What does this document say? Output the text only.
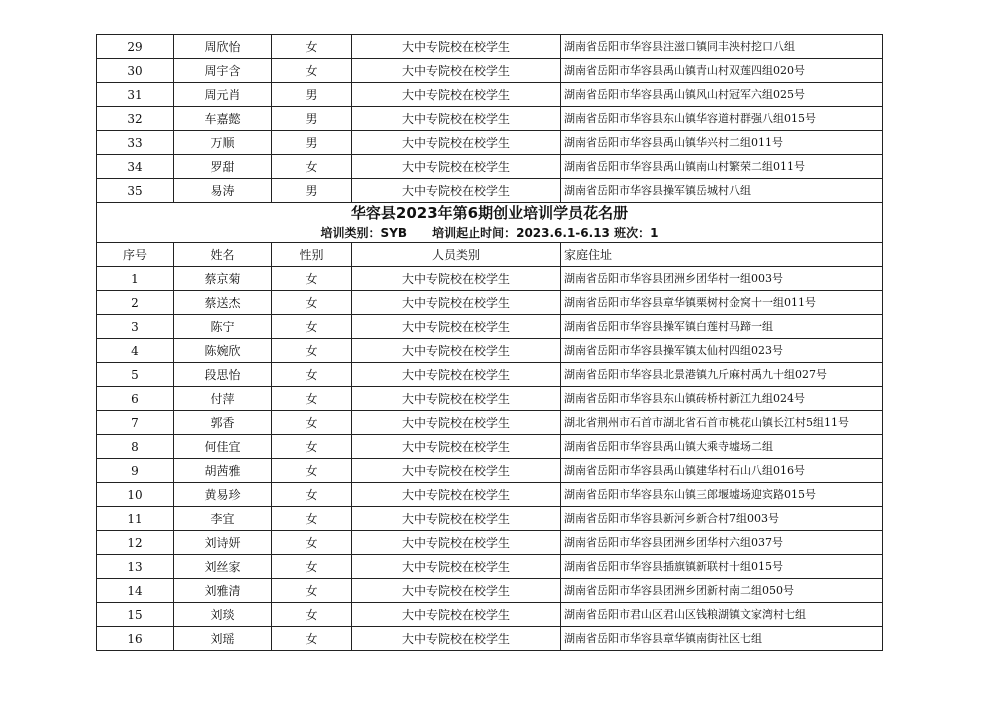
29	周欣怡	女	大中专院校在校学生	湖南省岳阳市华容县注滋口镇同丰泱村挖口八组
30	周宇含	女	大中专院校在校学生	湖南省岳阳市华容县禹山镇青山村双莲四组020号
31	周元肖	男	大中专院校在校学生	湖南省岳阳市华容县禹山镇风山村冠军六组025号
32	车嘉懿	男	大中专院校在校学生	湖南省岳阳市华容县东山镇华容道村群强八组015号
33	万顺	男	大中专院校在校学生	湖南省岳阳市华容县禹山镇华兴村二组011号
34	罗甜	女	大中专院校在校学生	湖南省岳阳市华容县禹山镇南山村繁荣二组011号
35	易涛	男	大中专院校在校学生	湖南省岳阳市华容县操军镇岳城村八组
华容县2023年第6期创业培训学员花名册				
培训类别：SYB      培训起止时间：2023.6.1-6.13 班次：1				
序号	姓名	性别	人员类别	家庭住址
1	蔡京菊	女	大中专院校在校学生	湖南省岳阳市华容县团洲乡团华村一组003号
2	蔡送杰	女	大中专院校在校学生	湖南省岳阳市华容县章华镇栗树村金窝十一组011号
3	陈宁	女	大中专院校在校学生	湖南省岳阳市华容县操军镇白莲村马蹄一组
4	陈婉欣	女	大中专院校在校学生	湖南省岳阳市华容县操军镇太仙村四组023号
5	段思怡	女	大中专院校在校学生	湖南省岳阳市华容县北景港镇九斤麻村禹九十组027号
6	付萍	女	大中专院校在校学生	湖南省岳阳市华容县东山镇砖桥村新江九组024号
7	郭香	女	大中专院校在校学生	湖北省荆州市石首市湖北省石首市桃花山镇长江村5组11号
8	何佳宜	女	大中专院校在校学生	湖南省岳阳市华容县禹山镇大乘寺墟场二组
9	胡茜雅	女	大中专院校在校学生	湖南省岳阳市华容县禹山镇建华村石山八组016号
10	黄易珍	女	大中专院校在校学生	湖南省岳阳市华容县东山镇三郎堰墟场迎宾路015号
11	李宜	女	大中专院校在校学生	湖南省岳阳市华容县新河乡新合村7组003号
12	刘诗妍	女	大中专院校在校学生	湖南省岳阳市华容县团洲乡团华村六组037号
13	刘丝家	女	大中专院校在校学生	湖南省岳阳市华容县插旗镇新联村十组015号
14	刘雅清	女	大中专院校在校学生	湖南省岳阳市华容县团洲乡团新村南二组050号
15	刘琰	女	大中专院校在校学生	湖南省岳阳市君山区君山区钱粮湖镇文家湾村七组
16	刘瑶	女	大中专院校在校学生	湖南省岳阳市华容县章华镇南街社区七组
